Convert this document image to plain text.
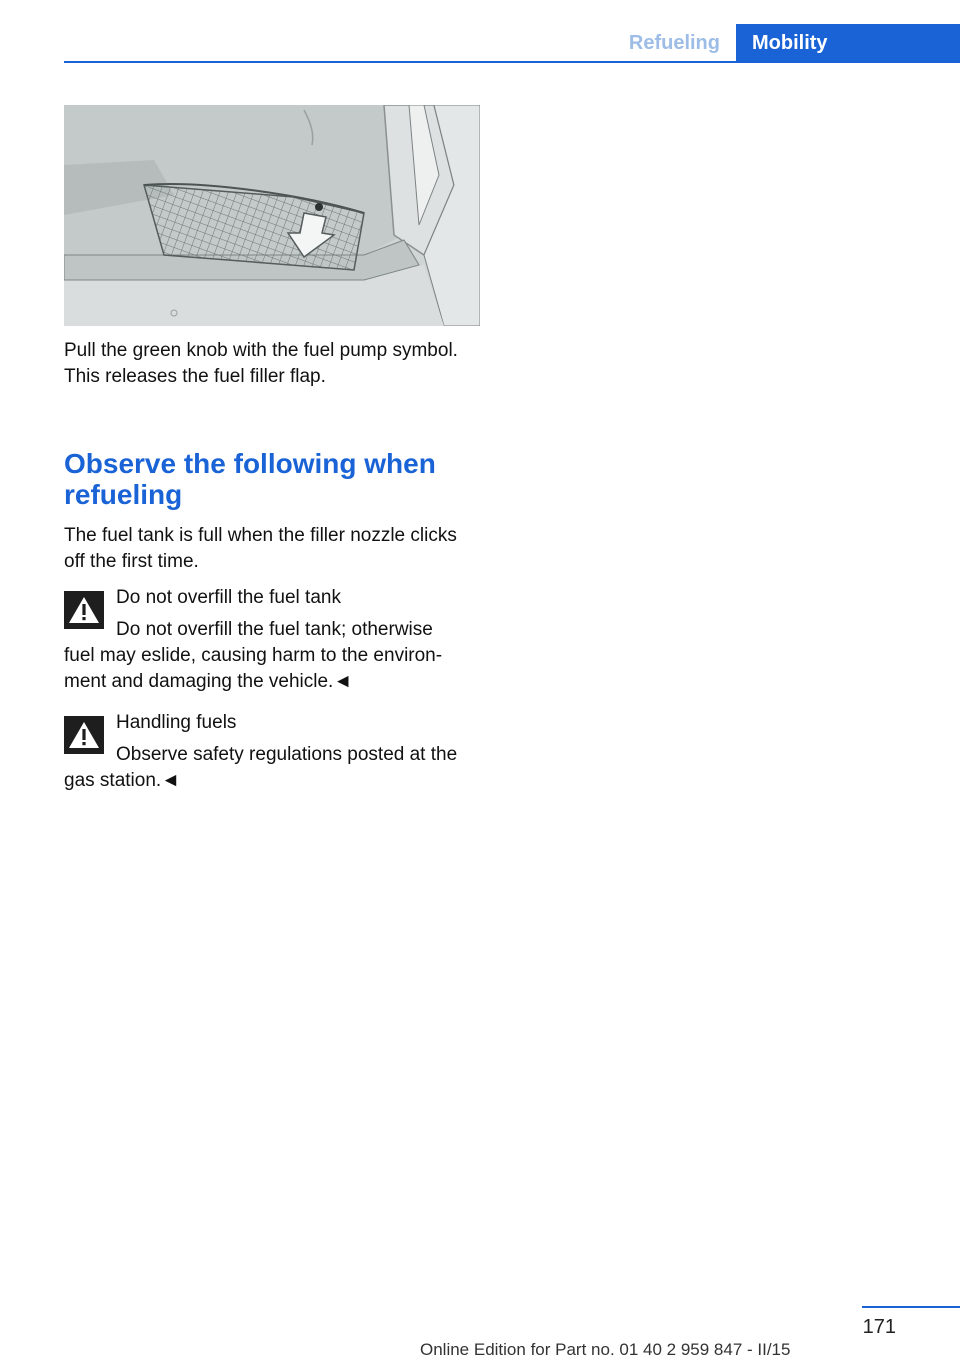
Refueling	Mobility

Pull the green knob with the fuel pump symbol.

This releases the fuel filler flap.

Observe the following when
refueling

The fuel tank is full when the filler nozzle clicks

off the first time.

Do not overfill the fuel tank
Do not overfill the fuel tank; otherwise

fuel may eslide, causing harm to the environ-

ment and damaging the vehicle.◄

Handling fuels
Observe safety regulations posted at the

gas station.◄

171
Online Edition for Part no. 01 40 2 959 847 - II/15
